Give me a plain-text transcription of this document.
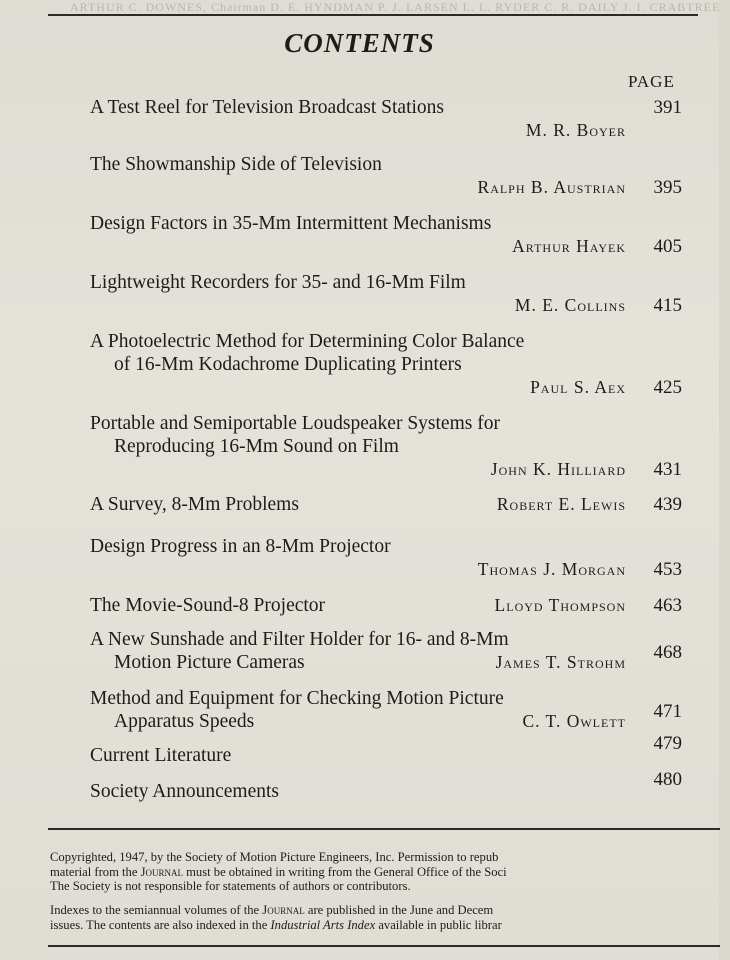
ARTHUR C. DOWNES, Chairman D. E. HYNDMAN P. J. LARSEN L. L. RYDER C. R. DAILY J. I. CRABTREE
CONTENTS
PAGE
A Test Reel for Television Broadcast Stations
M. R. Boyer
391
The Showmanship Side of Television
Ralph B. Austrian 395
Design Factors in 35-Mm Intermittent Mechanisms
Arthur Hayek 405
Lightweight Recorders for 35- and 16-Mm Film
M. E. Collins 415
A Photoelectric Method for Determining Color Balance
of 16-Mm Kodachrome Duplicating Printers
Paul S. Aex 425
Portable and Semiportable Loudspeaker Systems for
Reproducing 16-Mm Sound on Film
John K. Hilliard 431
A Survey, 8-Mm Problems	Robert E. Lewis 439
Design Progress in an 8-Mm Projector
Thomas J. Morgan 453
The Movie-Sound-8 Projector	Lloyd Thompson 463
A New Sunshade and Filter Holder for 16- and 8-Mm
Motion Picture Cameras	James T. Strohm 468
Method and Equipment for Checking Motion Picture
Apparatus Speeds	C. T. Owlett 471
Current Literature
479
Society Announcements
480
Copyrighted, 1947, by the Society of Motion Picture Engineers, Inc. Permission to repub
material from the Journal must be obtained in writing from the General Office of the Soci
The Society is not responsible for statements of authors or contributors.
Indexes to the semiannual volumes of the Journal are published in the June and Decem
issues. The contents are also indexed in the Industrial Arts Index available in public librar
